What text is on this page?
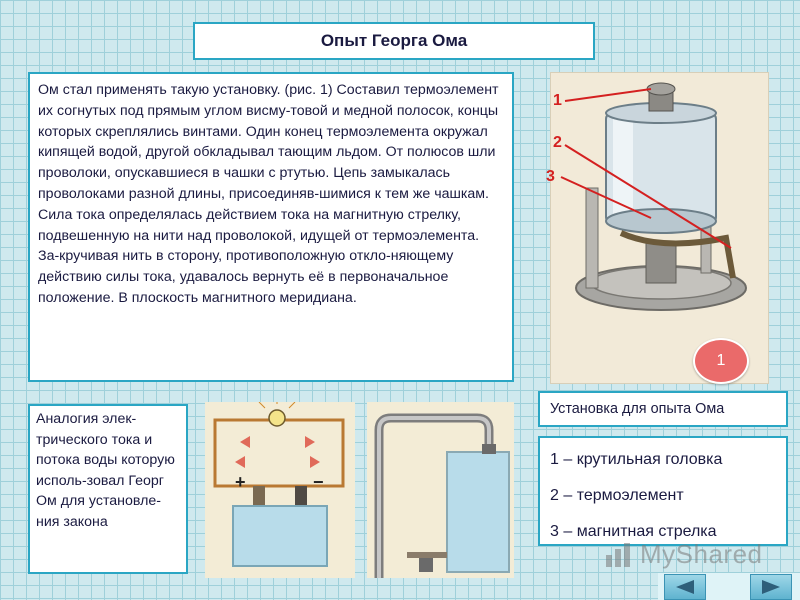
Опыт Георга Ома
Ом стал применять такую установку. (рис. 1) Составил термоэлемент их согнутых под прямым углом висму-товой и медной полосок, концы которых скреплялись винтами. Один конец термоэлемента окружал кипящей водой, другой обкладывал тающим льдом. От полюсов шли проволоки, опускавшиеся в чашки с ртутью. Цепь замыкалась проволоками разной длины, присоединяв-шимися к тем же чашкам. Сила тока определялась действием тока на магнитную стрелку, подвешенную на нити над проволокой, идущей от термоэлемента. За-кручивая нить в сторону, противоположную откло-няющему действию силы тока, удавалось вернуть её в первоначальное положение. В плоскость магнитного меридиана.
1
2
3
1
Установка для опыта Ома
1 – крутильная головка
2 – термоэлемент
3 – магнитная стрелка
Аналогия элек-трического тока и потока воды которую исполь-зовал Георг Ом для установле-ния закона
+	−
MyShared
